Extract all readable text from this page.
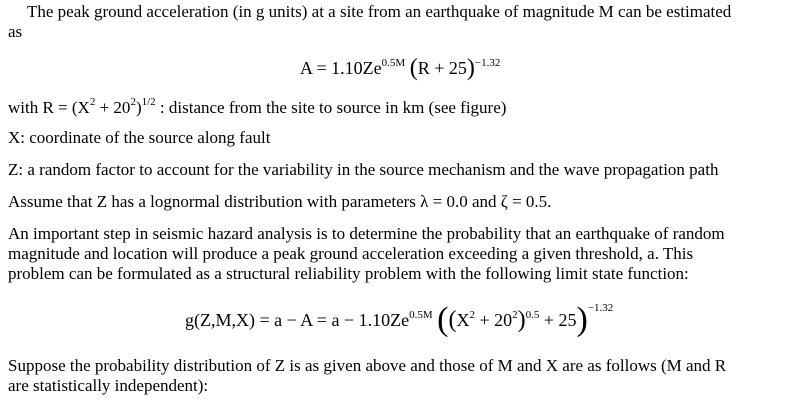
The peak ground acceleration (in g units) at a site from an earthquake of magnitude M can be estimated
as
$A = 1.10Ze^{0.5M}$ $(R + 25)^{-1.32}$
with $R = (X^2 + 20^2)^{1/2}$ : distance from the site to source in km (see figure)
X: coordinate of the source along fault
Z: a random factor to account for the variability in the source mechanism and the wave propagation path
Assume that Z has a lognormal distribution with parameters λ = 0.0 and ζ = 0.5.
An important step in seismic hazard analysis is to determine the probability that an earthquake of random
magnitude and location will produce a peak ground acceleration exceeding a given threshold, a. This
problem can be formulated as a structural reliability problem with the following limit state function:
$g(Z,M,X) = a - A = a - 1.10Ze^{0.5M}$ $((X^2 + 20^2)^{0.5} + 25)^{-1.32}$
Suppose the probability distribution of Z is as given above and those of M and X are as follows (M and R
are statistically independent):
